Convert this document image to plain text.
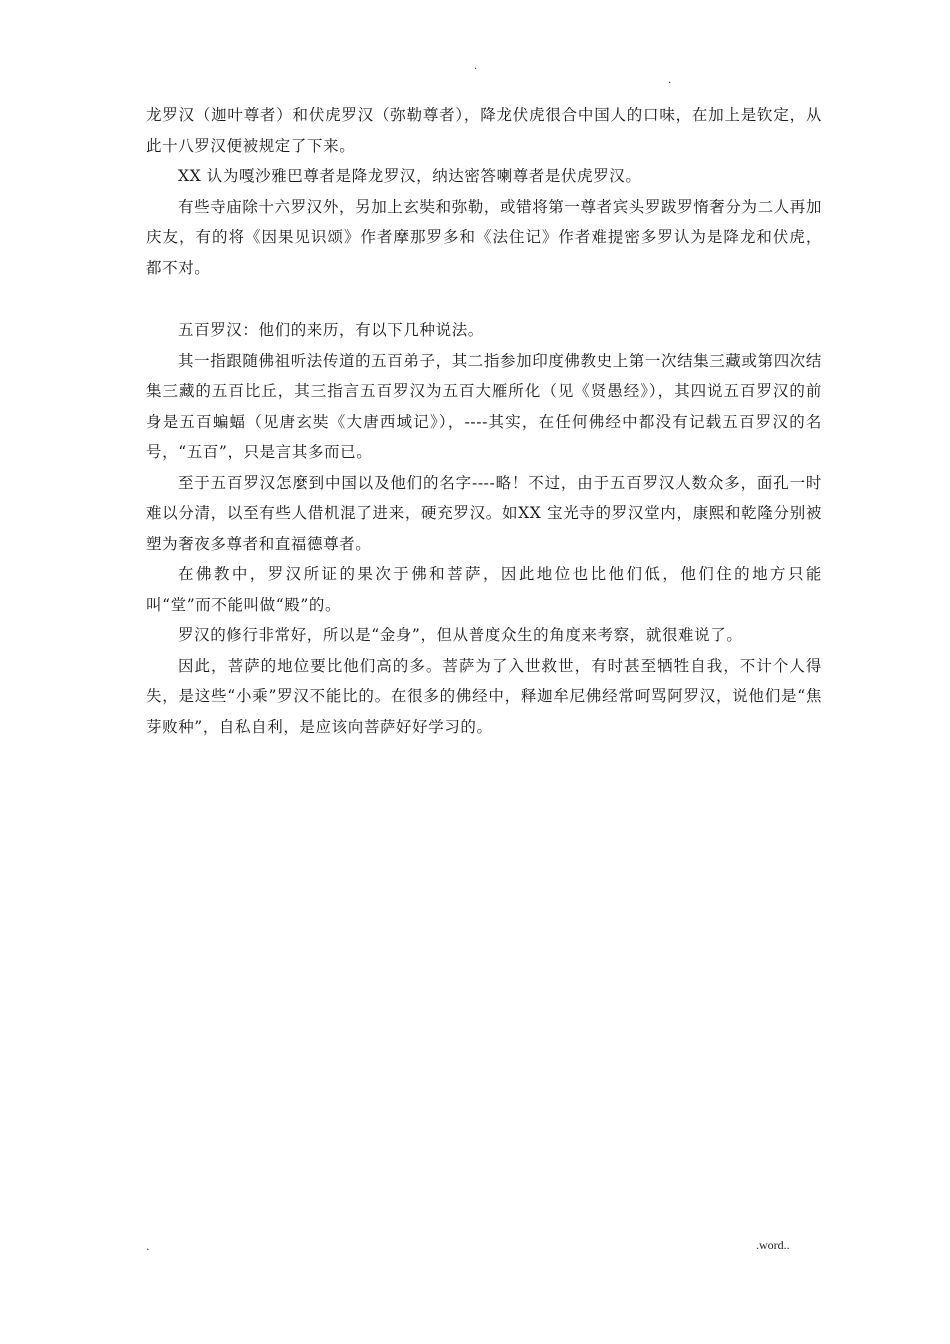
.
.

龙罗汉（迦叶尊者）和伏虎罗汉（弥勒尊者），降龙伏虎很合中国人的口味，在加上是钦定，从此十八罗汉便被规定了下来。

XX 认为嘎沙雅巴尊者是降龙罗汉，纳达密答喇尊者是伏虎罗汉。

有些寺庙除十六罗汉外，另加上玄奘和弥勒，或错将第一尊者宾头罗跋罗惰奢分为二人再加庆友，有的将《因果见识颂》作者摩那罗多和《法住记》作者难提密多罗认为是降龙和伏虎，都不对。

五百罗汉：他们的来历，有以下几种说法。

其一指跟随佛祖听法传道的五百弟子，其二指参加印度佛教史上第一次结集三藏或第四次结集三藏的五百比丘，其三指言五百罗汉为五百大雁所化（见《贤愚经》），其四说五百罗汉的前身是五百蝙蝠（见唐玄奘《大唐西域记》），----其实，在任何佛经中都没有记载五百罗汉的名号，“五百”，只是言其多而已。

至于五百罗汉怎麼到中国以及他们的名字----略！不过，由于五百罗汉人数众多，面孔一时难以分清，以至有些人借机混了进来，硬充罗汉。如XX 宝光寺的罗汉堂内，康熙和乾隆分别被塑为奢夜多尊者和直福德尊者。

在佛教中，罗汉所证的果次于佛和菩萨，因此地位也比他们低，他们住的地方只能叫“堂”而不能叫做“殿”的。

罗汉的修行非常好，所以是“金身”，但从普度众生的角度来考察，就很难说了。

因此，菩萨的地位要比他们高的多。菩萨为了入世救世，有时甚至牺牲自我，不计个人得失，是这些“小乘”罗汉不能比的。在很多的佛经中，释迦牟尼佛经常呵骂阿罗汉，说他们是“焦芽败种”，自私自利，是应该向菩萨好好学习的。

.	.word..
